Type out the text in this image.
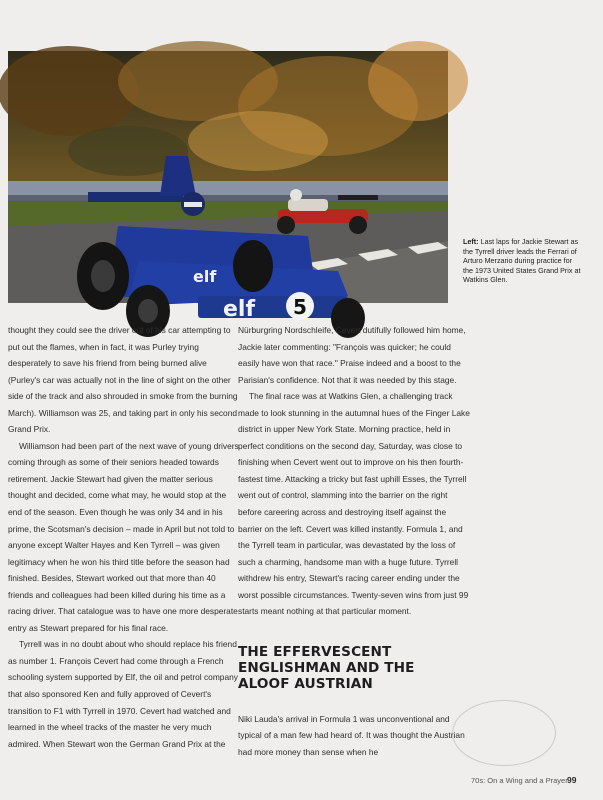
elf
elf 5
Left: Last laps for Jackie Stewart as the Tyrrell driver leads the Ferrari of Arturo Merzario during practice for the 1973 United States Grand Prix at Watkins Glen.

thought they could see the driver out of his car attempting to put out the flames, when in fact, it was Purley trying desperately to save his friend from being burned alive (Purley's car was actually not in the line of sight on the other side of the track and also shrouded in smoke from the burning March). Williamson was 25, and taking part in only his second Grand Prix.

Williamson had been part of the next wave of young drivers coming through as some of their seniors headed towards retirement. Jackie Stewart had given the matter serious thought and decided, come what may, he would stop at the end of the season. Even though he was only 34 and in his prime, the Scotsman's decision – made in April but not told to anyone except Walter Hayes and Ken Tyrrell – was given legitimacy when he won his third title before the season had finished. Besides, Stewart worked out that more than 40 friends and colleagues had been killed during his time as a racing driver. That catalogue was to have one more desperate entry as Stewart prepared for his final race.

Tyrrell was in no doubt about who should replace his friend as number 1. François Cevert had come through a French schooling system supported by Elf, the oil and petrol company that also sponsored Ken and fully approved of Cevert's transition to F1 with Tyrrell in 1970. Cevert had watched and learned in the wheel tracks of the master he very much admired. When Stewart won the German Grand Prix at the

Nürburgring Nordschleife, Cevert dutifully followed him home, Jackie later commenting: "François was quicker; he could easily have won that race." Praise indeed and a boost to the Parisian's confidence. Not that it was needed by this stage.

The final race was at Watkins Glen, a challenging track made to look stunning in the autumnal hues of the Finger Lake district in upper New York State. Morning practice, held in perfect conditions on the second day, Saturday, was close to finishing when Cevert went out to improve on his then fourth-fastest time. Attacking a tricky but fast uphill Esses, the Tyrrell went out of control, slamming into the barrier on the right before careering across and destroying itself against the barrier on the left. Cevert was killed instantly. Formula 1, and the Tyrrell team in particular, was devastated by the loss of such a charming, handsome man with a huge future. Tyrrell withdrew his entry, Stewart's racing career ending under the worst possible circumstances. Twenty-seven wins from just 99 starts meant nothing at that particular moment.

THE EFFERVESCENT ENGLISHMAN AND THE ALOOF AUSTRIAN

Niki Lauda's arrival in Formula 1 was unconventional and typical of a man few had heard of. It was thought the Austrian had more money than sense when he

70s: On a Wing and a Prayer 99
